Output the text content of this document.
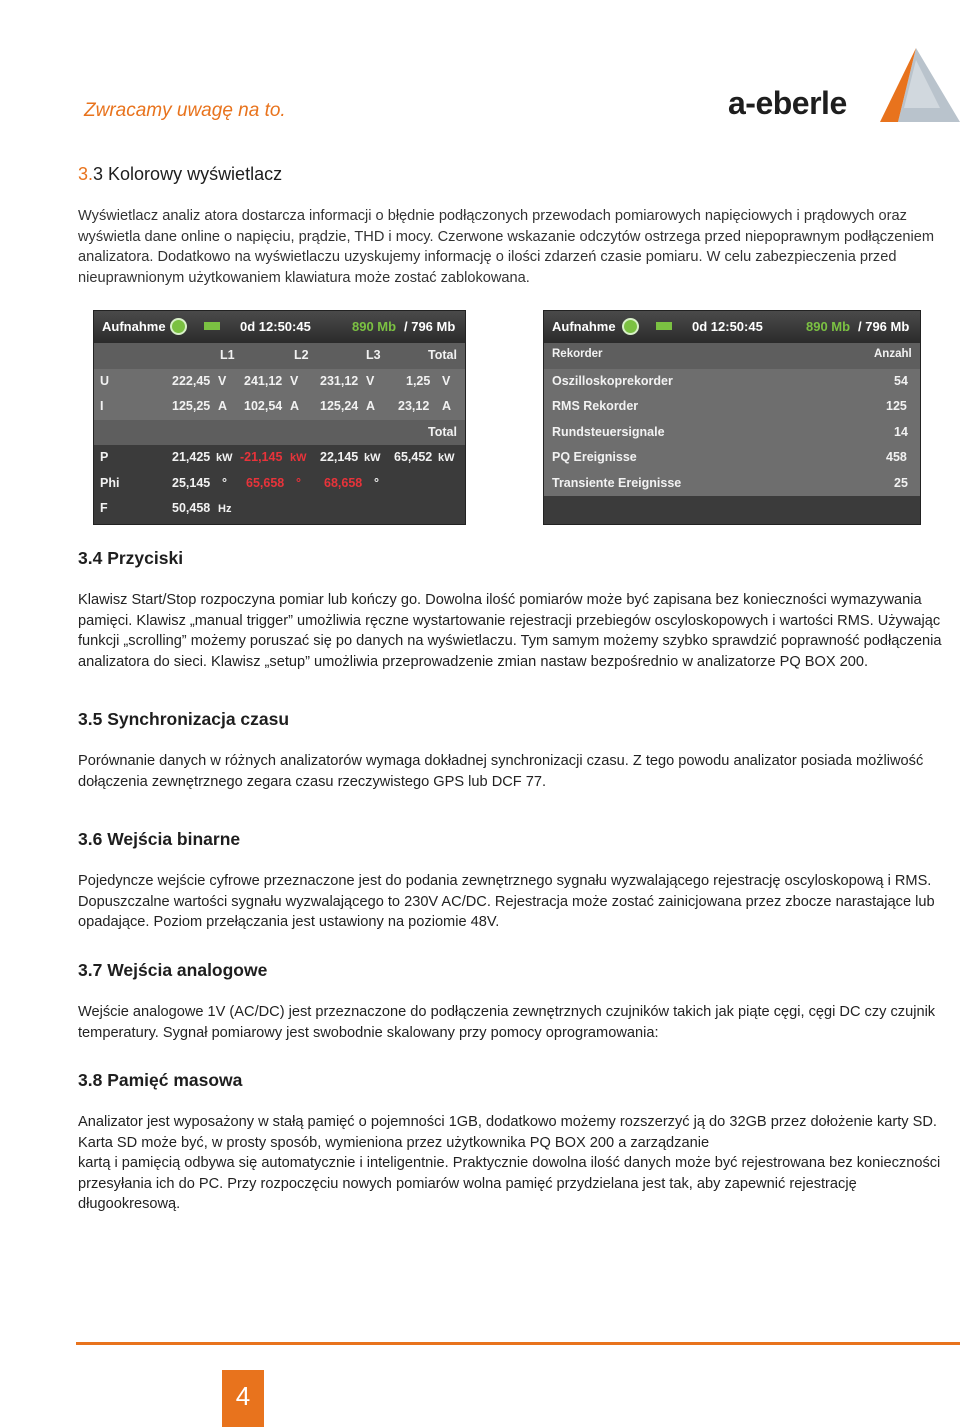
Zwracamy uwagę na to.	a-eberle
3.3 Kolorowy wyświetlacz
Wyświetlacz analiz atora dostarcza informacji o błędnie podłączonych przewodach pomiarowych napięciowych i prądowych oraz wyświetla dane online o napięciu, prądzie, THD i mocy. Czerwone wskazanie odczytów ostrzega przed niepoprawnym podłączeniem analizatora. Dodatkowo na wyświetlaczu uzyskujemy informację o ilości zdarzeń czasie pomiaru. W celu zabezpieczenia przed nieuprawnionym użytkowaniem klawiatura może zostać zablokowana.
Aufnahme	0d 12:50:45	890 Mb / 796 Mb
L1	L2	L3	Total
U	222,45 V 241,12 V 231,12 V	1,25 V
I	125,25 A 102,54 A 125,24 A 23,12 A
Total
P	21,425 kW -21,145 kW 22,145 kW 65,452 kW
Phi	25,145 ° 65,658 ° 68,658 °
F	50,458 Hz
Aufnahme	0d 12:50:45	890 Mb / 796 Mb
Rekorder	Anzahl
Oszilloskoprekorder	54
RMS Rekorder	125
Rundsteuersignale	14
PQ Ereignisse	458
Transiente Ereignisse	25
3.4 Przyciski
Klawisz Start/Stop rozpoczyna pomiar lub kończy go. Dowolna ilość pomiarów może być zapisana bez konieczności wymazywania pamięci. Klawisz „manual trigger” umożliwia ręczne wystartowanie rejestracji przebiegów oscyloskopowych i wartości RMS. Używając funkcji „scrolling” możemy poruszać się po danych na wyświetlaczu. Tym samym możemy szybko sprawdzić poprawność podłączenia analizatora do sieci. Klawisz „setup” umożliwia przeprowadzenie zmian nastaw bezpośrednio w analizatorze PQ BOX 200.
3.5 Synchronizacja czasu
Porównanie danych w różnych analizatorów wymaga dokładnej synchronizacji czasu. Z tego powodu analizator posiada możliwość dołączenia zewnętrznego zegara czasu rzeczywistego GPS lub DCF 77.
3.6 Wejścia binarne
Pojedyncze wejście cyfrowe przeznaczone jest do podania zewnętrznego sygnału wyzwalającego rejestrację oscyloskopową i RMS. Dopuszczalne wartości sygnału wyzwalającego to 230V AC/DC. Rejestracja może zostać zainicjowana przez zbocze narastające lub opadające. Poziom przełączania jest ustawiony na poziomie 48V.
3.7 Wejścia analogowe
Wejście analogowe 1V (AC/DC) jest przeznaczone do podłączenia zewnętrznych czujników takich jak piąte cęgi, cęgi DC czy czujnik temperatury. Sygnał pomiarowy jest swobodnie skalowany przy pomocy oprogramowania:
3.8 Pamięć masowa
Analizator jest wyposażony w stałą pamięć o pojemności 1GB, dodatkowo możemy rozszerzyć ją do 32GB przez dołożenie karty SD. Karta SD może być, w prosty sposób, wymieniona przez użytkownika PQ BOX 200 a zarządzanie
kartą i pamięcią odbywa się automatycznie i inteligentnie. Praktycznie dowolna ilość danych może być rejestrowana bez konieczności przesyłania ich do PC. Przy rozpoczęciu nowych pomiarów wolna pamięć przydzielana jest tak, aby zapewnić rejestrację długookresową.
4
